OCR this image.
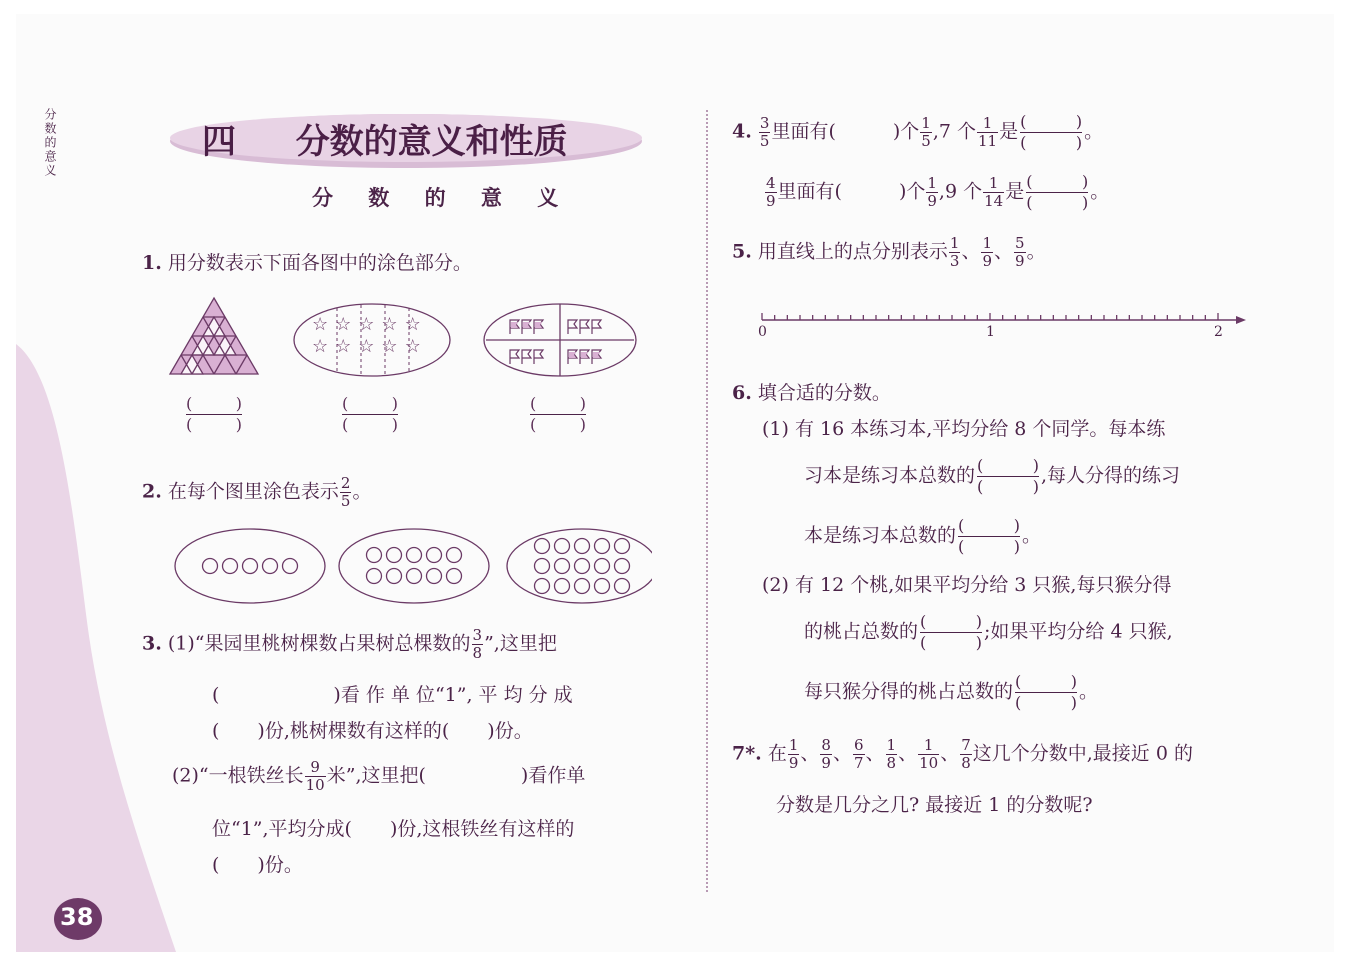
分数的意义
38
四 分数的意义和性质
分 数 的 意 义
1. 用分数表示下面各图中的涂色部分。
☆☆☆☆☆
☆☆☆☆☆
(	)
(	)
(	)
(	)
(	)
(	)
2. 在每个图里涂色表示 $\frac{2}{5}$ 。
3. (1)“果园里桃树棵数占果树总棵数的 $\frac{3}{8}$ ”,这里把
(　　　　　　)看 作 单 位“1”, 平 均 分 成
(　　)份,桃树棵数有这样的(　　)份。
(2)“一根铁丝长 $\frac{9}{10}$ 米”,这里把(　　　　　)看作单
位“1”,平均分成(　　)份,这根铁丝有这样的
(　　)份。
4. $\frac{3}{5}$ 里面有(　　　)个 $\frac{1}{5} ,7$ 个 $\frac{1}{11}$ 是 (	)
(	) 。
$\frac{4}{9}$ 里面有(　　　)个 $\frac{1}{9} ,9$ 个 $\frac{1}{14}$ 是 (	)
(	) 。
5. 用直线上的点分别表示 $\frac{1}{3}$ 、 $\frac{1}{9}$ 、 $\frac{5}{9}$ 。
0	1	2
6. 填合适的分数。
(1) 有 16 本练习本,平均分给 8 个同学。每本练
习本是练习本总数的 (	)
(	) ,每人分得的练习
本是练习本总数的 (	)
(	) 。
(2) 有 12 个桃,如果平均分给 3 只猴,每只猴分得
的桃占总数的 (	)
(	) ;如果平均分给 4 只猴,
每只猴分得的桃占总数的 (	)
(	) 。
7*. 在 $\frac{1}{9}$ 、 $\frac{8}{9}$ 、 $\frac{6}{7}$ 、 $\frac{1}{8}$ 、 $\frac{1}{10}$ 、 $\frac{7}{8}$ 这几个分数中,最接近 0 的
分数是几分之几? 最接近 1 的分数呢?
